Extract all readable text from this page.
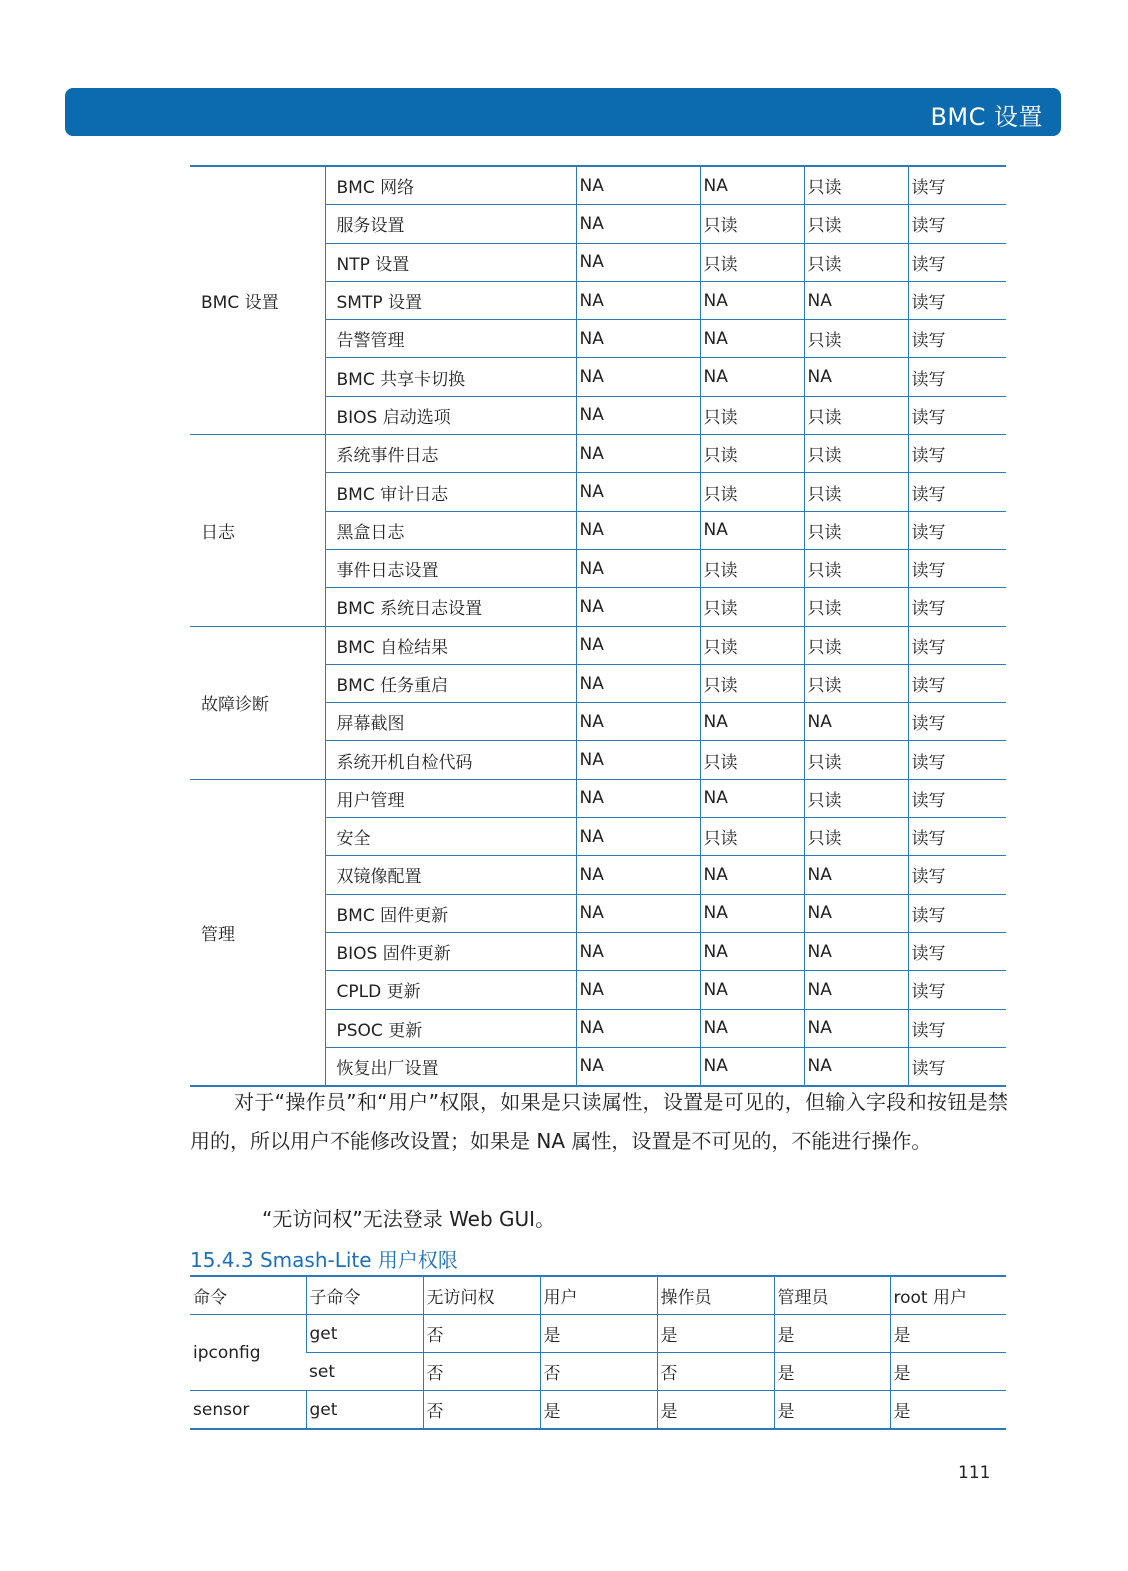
BMC 设置
BMC 设置	BMC 网络	NA	NA	只读	读写
	服务设置	NA	只读	只读	读写
	NTP 设置	NA	只读	只读	读写
	SMTP 设置	NA	NA	NA	读写
	告警管理	NA	NA	只读	读写
	BMC 共享卡切换	NA	NA	NA	读写
	BIOS 启动选项	NA	只读	只读	读写
日志	系统事件日志	NA	只读	只读	读写
	BMC 审计日志	NA	只读	只读	读写
	黑盒日志	NA	NA	只读	读写
	事件日志设置	NA	只读	只读	读写
	BMC 系统日志设置	NA	只读	只读	读写
故障诊断	BMC 自检结果	NA	只读	只读	读写
	BMC 任务重启	NA	只读	只读	读写
	屏幕截图	NA	NA	NA	读写
	系统开机自检代码	NA	只读	只读	读写
管理	用户管理	NA	NA	只读	读写
	安全	NA	只读	只读	读写
	双镜像配置	NA	NA	NA	读写
	BMC 固件更新	NA	NA	NA	读写
	BIOS 固件更新	NA	NA	NA	读写
	CPLD 更新	NA	NA	NA	读写
	PSOC 更新	NA	NA	NA	读写
	恢复出厂设置	NA	NA	NA	读写
对于“操作员”和“用户”权限，如果是只读属性，设置是可见的，但输入字段和按钮是禁用的，所以用户不能修改设置；如果是 NA 属性，设置是不可见的，不能进行操作。
“无访问权”无法登录 Web GUI。
15.4.3 Smash-Lite 用户权限
命令	子命令	无访问权	用户	操作员	管理员	root 用户
ipconfig	get	否	是	是	是	是
	set	否	否	否	是	是
sensor	get	否	是	是	是	是
111
